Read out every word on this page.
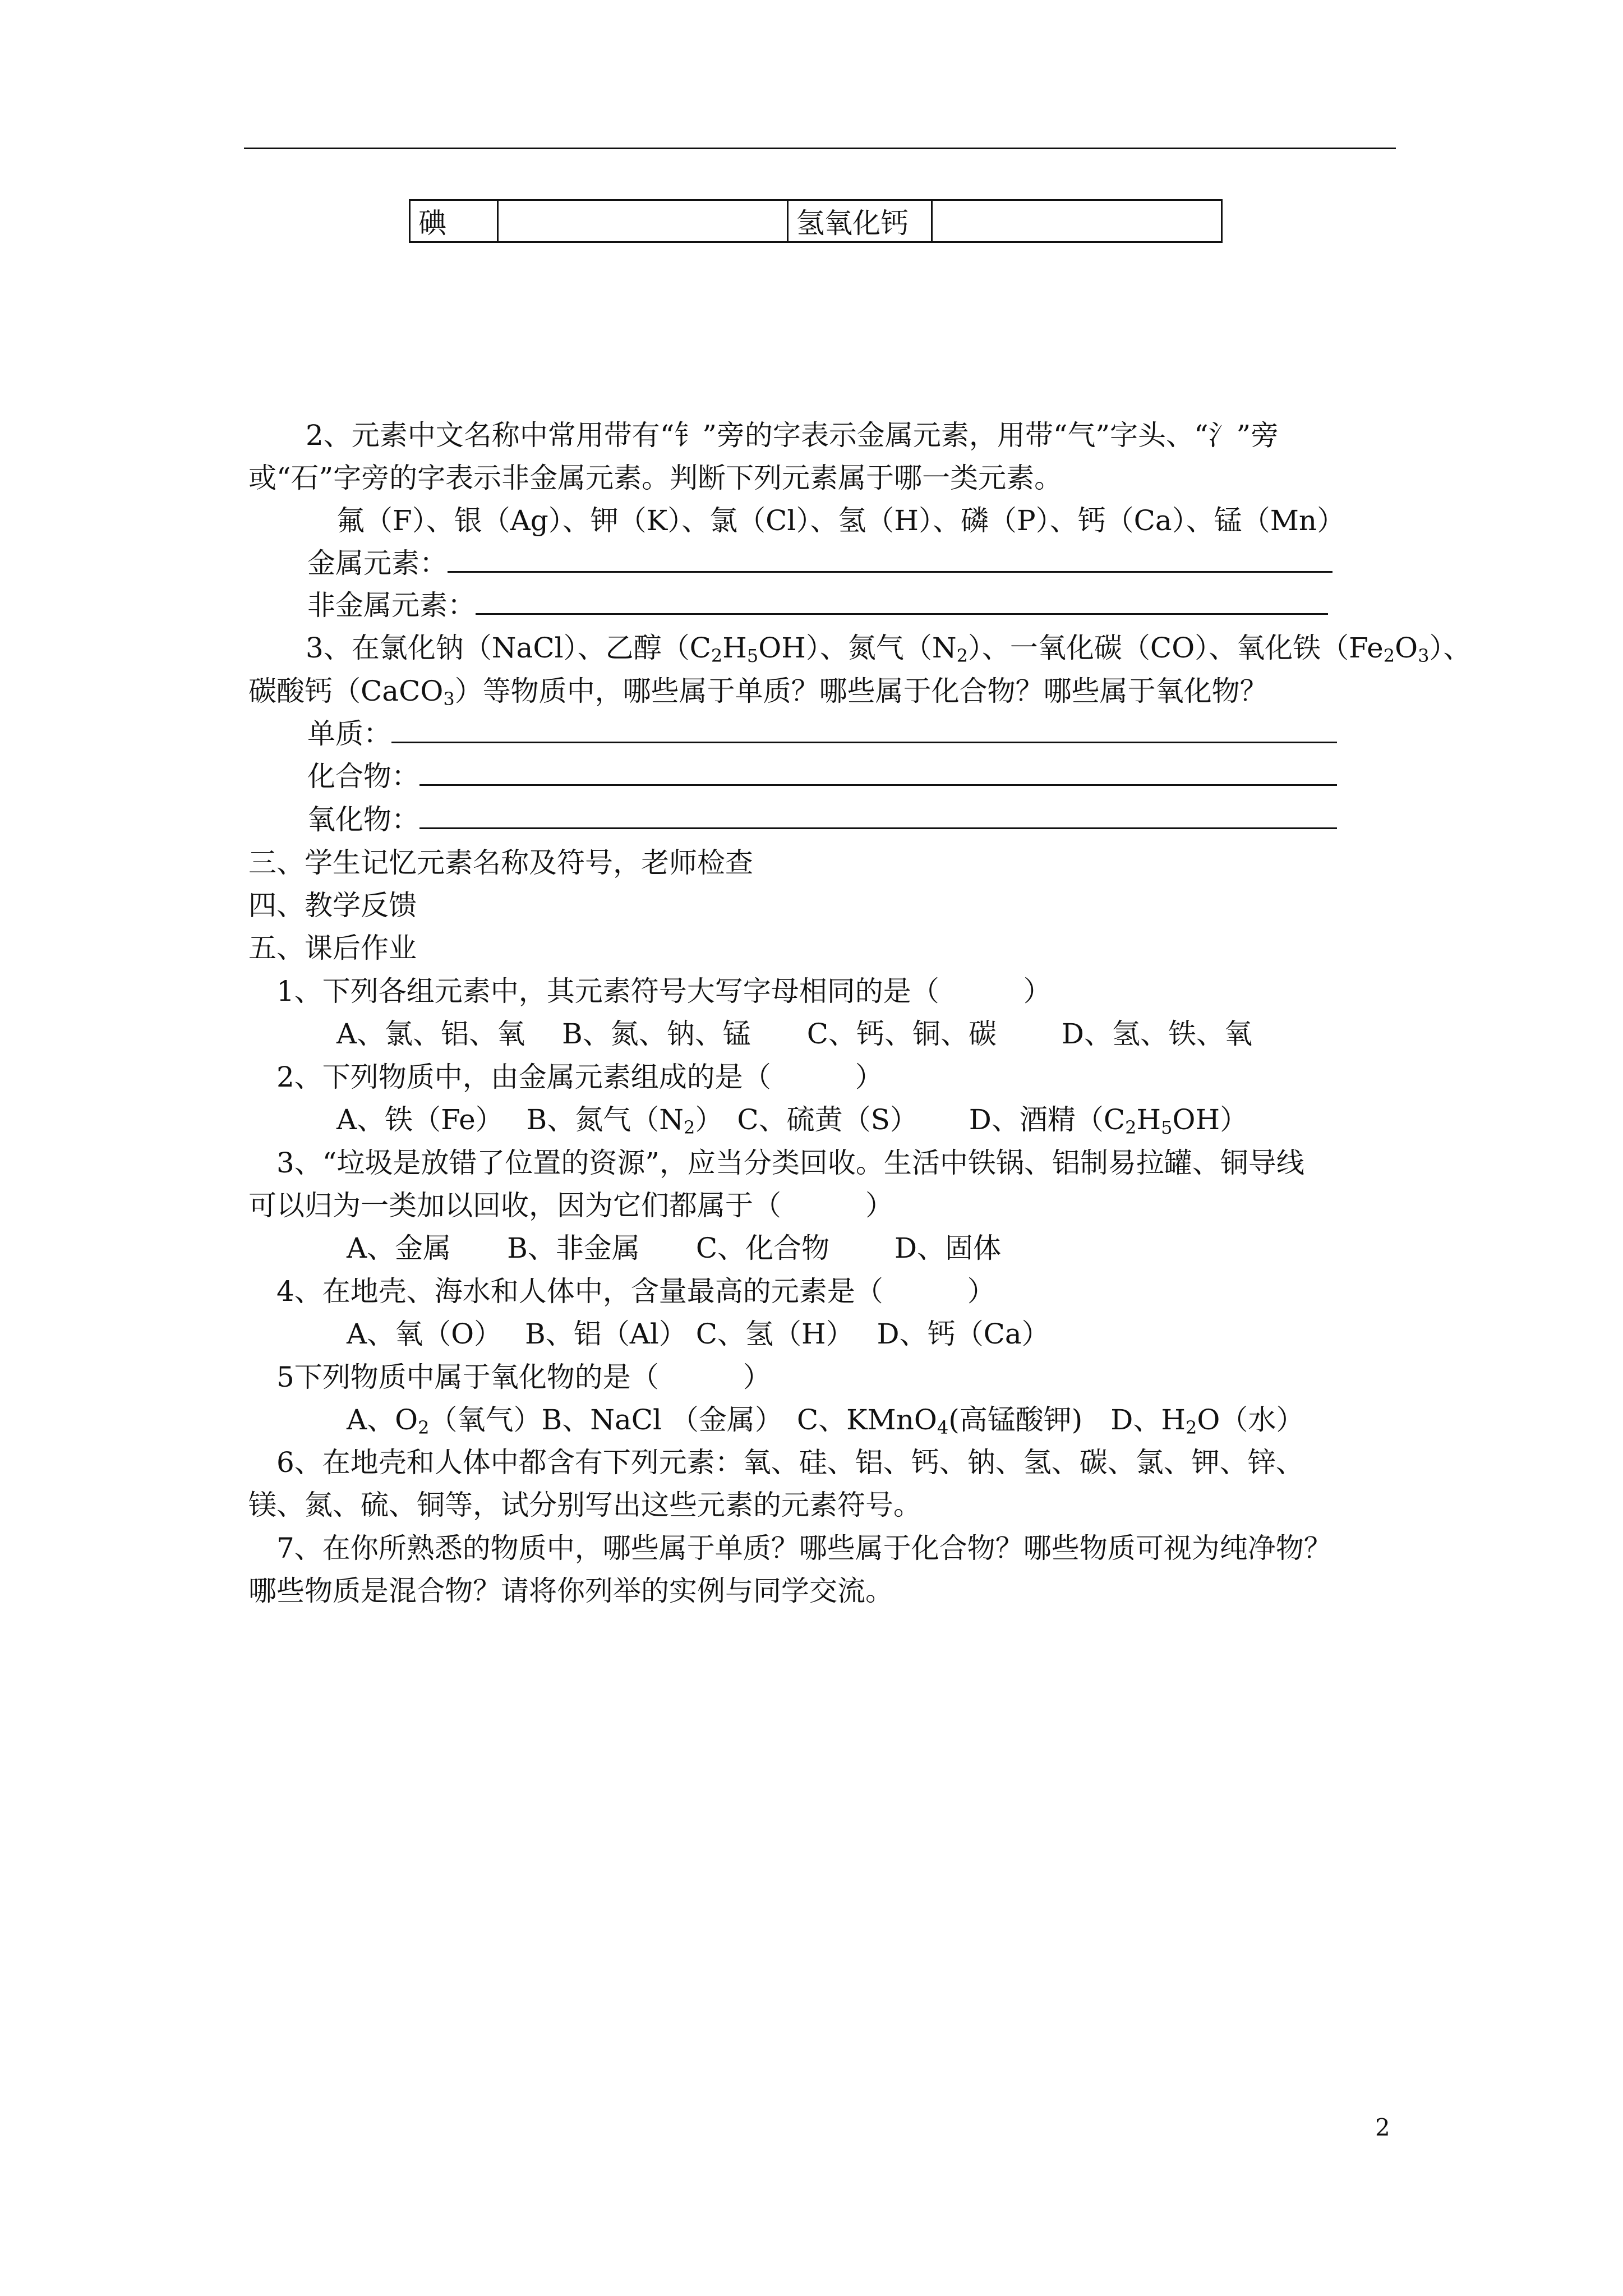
碘		氢氧化钙	
2、元素中文名称中常用带有“钅”旁的字表示金属元素，用带“气”字头、“氵”旁
或“石”字旁的字表示非金属元素。判断下列元素属于哪一类元素。
氟（F）、银（Ag）、钾（K）、氯（Cl）、氢（H）、磷（P）、钙（Ca）、锰（Mn）
金属元素：
非金属元素：
3、在氯化钠（NaCl）、乙醇$(C_2H_5OH)$、氮气$(N_2)$、一氧化碳（CO）、氧化铁$(Fe_2O_3)$、
碳酸钙（CaCO$_3$）等物质中，哪些属于单质？哪些属于化合物？哪些属于氧化物？
单质：
化合物：
氧化物：
三、学生记忆元素名称及符号，老师检查
四、教学反馈
五、课后作业
1、下列各组元素中，其元素符号大写字母相同的是（　　　）
A、氯、铝、氧　 B、氮、钠、锰　　C、钙、铜、碳　　 D、氢、铁、氧
2、下列物质中，由金属元素组成的是（　　　）
A、铁（Fe）　 B、氮气$(N_2)$　C、硫黄（S）　　 D、酒精$(C_2H_5OH)$
3、“垃圾是放错了位置的资源”，应当分类回收。生活中铁锅、铝制易拉罐、铜导线
可以归为一类加以回收，因为它们都属于（　　　）
A、金属　　B、非金属　　C、化合物　　 D、固体
4、在地壳、海水和人体中，含量最高的元素是（　　　）
A、氧（O）　 B、铝（Al） C、氢（H）　 D、钙（Ca）
5下列物质中属于氧化物的是（　　　）
A、$O_2$（氧气）B、NaCl （金属）　C、KMnO$_4$(高锰酸钾)　D、$H_2O$（水）
6、在地壳和人体中都含有下列元素：氧、硅、铝、钙、钠、氢、碳、氯、钾、锌、
镁、氮、硫、铜等，试分别写出这些元素的元素符号。
7、在你所熟悉的物质中，哪些属于单质？哪些属于化合物？哪些物质可视为纯净物？
哪些物质是混合物？请将你列举的实例与同学交流。
2
